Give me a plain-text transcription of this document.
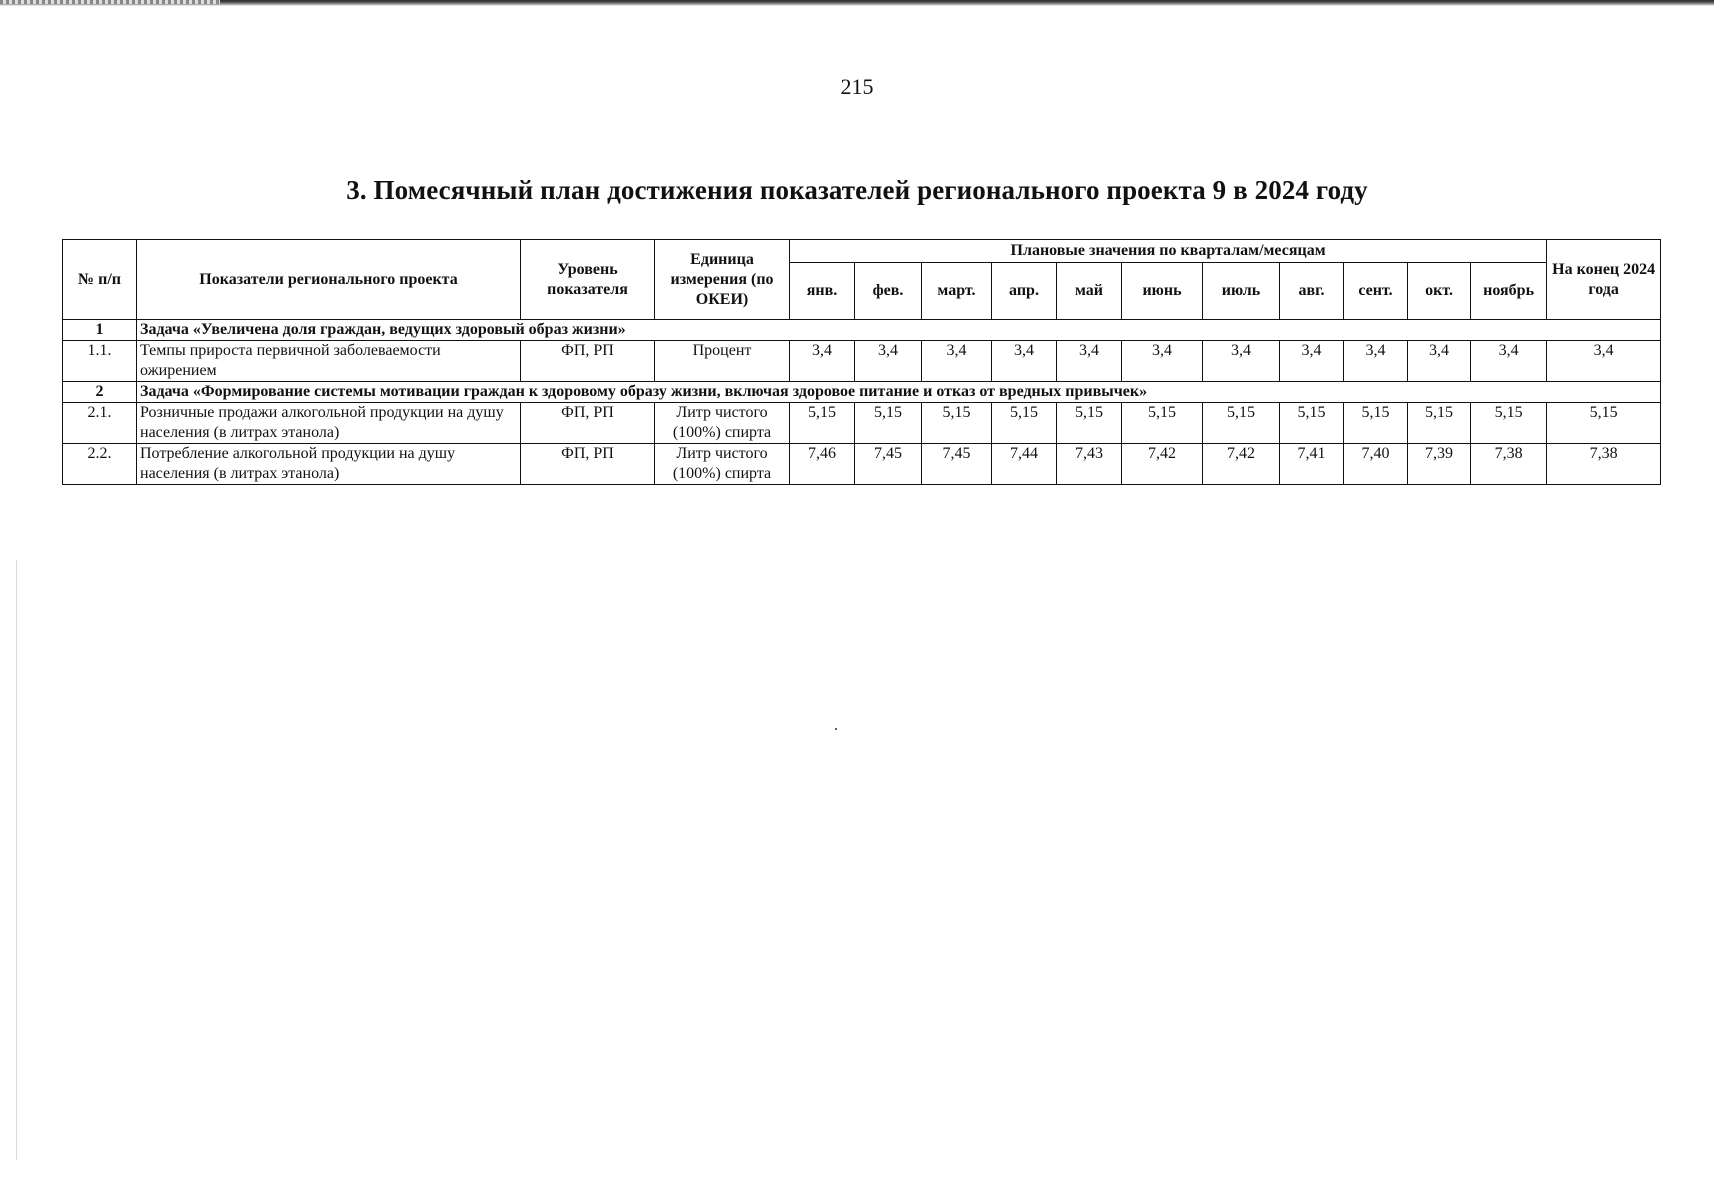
215
3. Помесячный план достижения показателей регионального проекта 9 в 2024 году
№ п/п	Показатели регионального проекта	Уровень показателя	Единица измерения (по ОКЕИ)	Плановые значения по кварталам/месяцам											На конец 2024 года
				янв.	фев.	март.	апр.	май	июнь	июль	авг.	сент.	окт.	ноябрь	
1	Задача «Увеличена доля граждан, ведущих здоровый образ жизни»														
1.1.	Темпы прироста первичной заболеваемости ожирением	ФП, РП	Процент	3,4	3,4	3,4	3,4	3,4	3,4	3,4	3,4	3,4	3,4	3,4	3,4
2	Задача «Формирование системы мотивации граждан к здоровому образу жизни, включая здоровое питание и отказ от вредных привычек»														
2.1.	Розничные продажи алкогольной продукции на душу населения (в литрах этанола)	ФП, РП	Литр чистого (100%) спирта	5,15	5,15	5,15	5,15	5,15	5,15	5,15	5,15	5,15	5,15	5,15	5,15
2.2.	Потребление алкогольной продукции на душу населения (в литрах этанола)	ФП, РП	Литр чистого (100%) спирта	7,46	7,45	7,45	7,44	7,43	7,42	7,42	7,41	7,40	7,39	7,38	7,38
